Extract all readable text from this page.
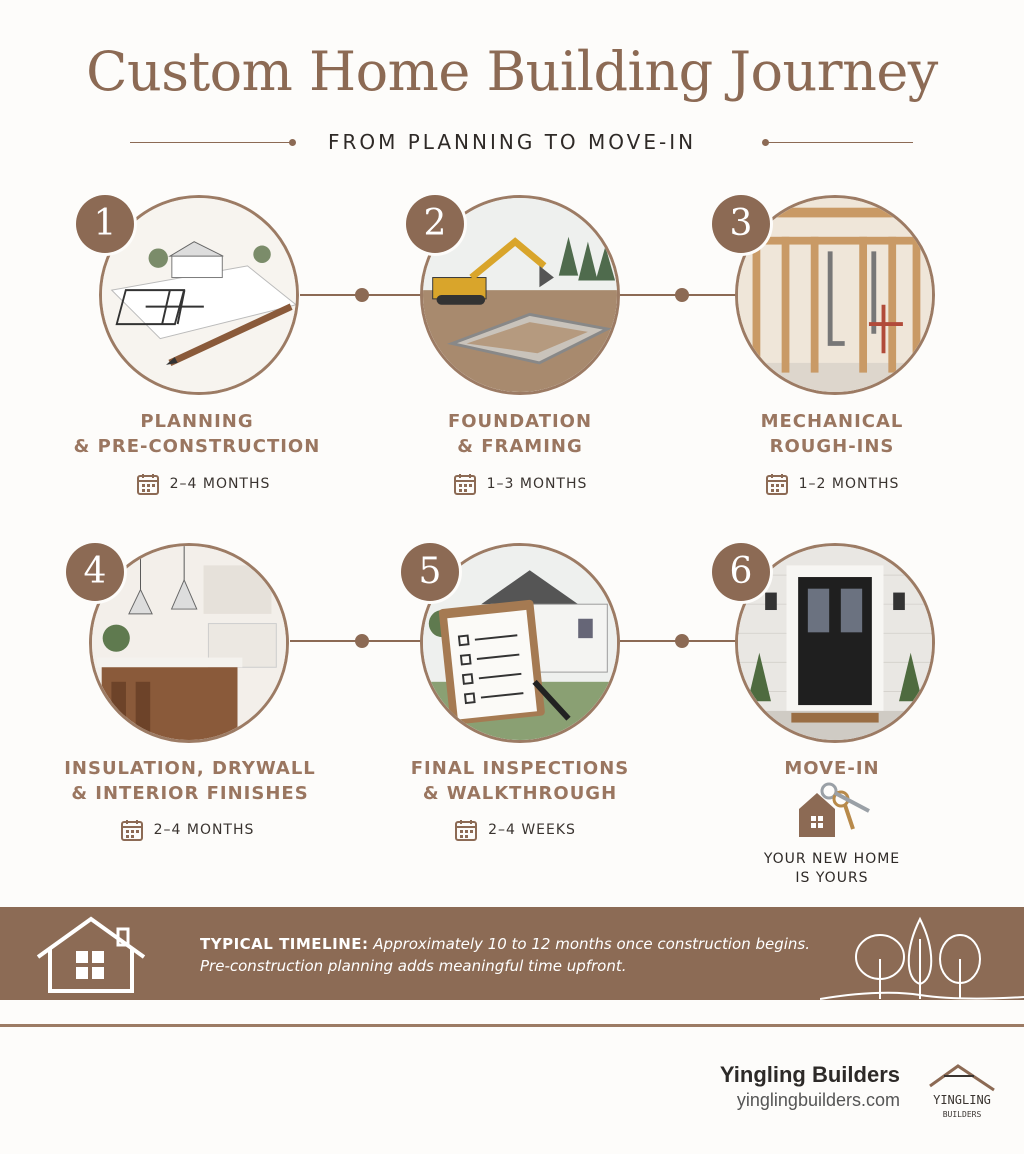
Custom Home Building Journey
FROM PLANNING TO MOVE-IN
1
PLANNING
& PRE-CONSTRUCTION
2–4 MONTHS
2
FOUNDATION
& FRAMING
1–3 MONTHS
3
MECHANICAL
ROUGH-INS
1–2 MONTHS
4
INSULATION, DRYWALL
& INTERIOR FINISHES
2–4 MONTHS
5
FINAL INSPECTIONS
& WALKTHROUGH
2–4 WEEKS
6
MOVE-IN
YOUR NEW HOME
IS YOURS
TYPICAL TIMELINE: Approximately 10 to 12 months once construction begins.
Pre-construction planning adds meaningful time upfront.
Yingling Builders
yinglingbuilders.com	YINGLING
BUILDERS
